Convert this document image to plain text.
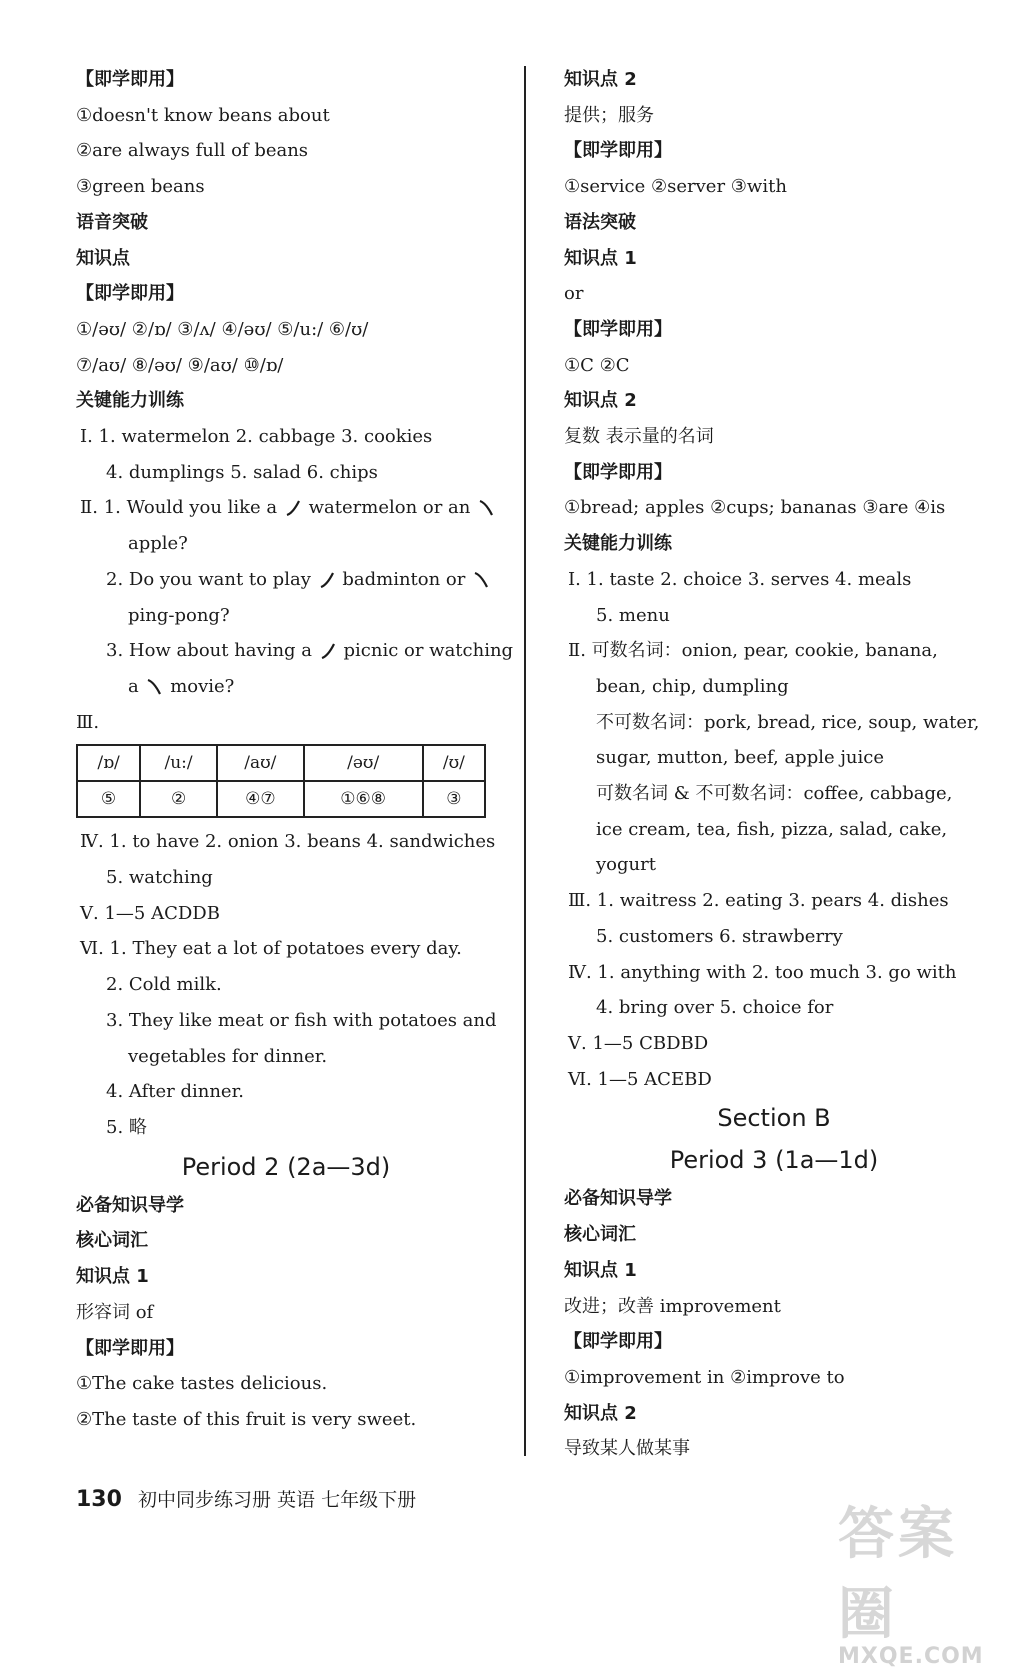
【即学即用】
①doesn't know beans about
②are always full of beans
③green beans
语音突破
知识点
【即学即用】
①/əʊ/ ②/ɒ/ ③/ʌ/ ④/əʊ/ ⑤/u:/ ⑥/ʊ/
⑦/aʊ/ ⑧/əʊ/ ⑨/aʊ/ ⑩/ɒ/
关键能力训练
Ⅰ. 1. watermelon 2. cabbage 3. cookies
4. dumplings 5. salad 6. chips
Ⅱ. 1. Would you like a watermelon or an
apple?
2. Do you want to play badminton or
ping-pong?
3. How about having a picnic or watching
a movie?
Ⅲ.
/ɒ/	/u:/	/aʊ/	/əʊ/	/ʊ/
⑤	②	④⑦	①⑥⑧	③
Ⅳ. 1. to have 2. onion 3. beans 4. sandwiches
5. watching
Ⅴ. 1—5 ACDDB
Ⅵ. 1. They eat a lot of potatoes every day.
2. Cold milk.
3. They like meat or fish with potatoes and
vegetables for dinner.
4. After dinner.
5. 略
Period 2 (2a—3d)
必备知识导学
核心词汇
知识点 1
形容词 of
【即学即用】
①The cake tastes delicious.
②The taste of this fruit is very sweet.
知识点 2
提供；服务
【即学即用】
①service ②server ③with
语法突破
知识点 1
or
【即学即用】
①C ②C
知识点 2
复数 表示量的名词
【即学即用】
①bread; apples ②cups; bananas ③are ④is
关键能力训练
Ⅰ. 1. taste 2. choice 3. serves 4. meals
5. menu
Ⅱ. 可数名词：onion, pear, cookie, banana,
bean, chip, dumpling
不可数名词：pork, bread, rice, soup, water,
sugar, mutton, beef, apple juice
可数名词 & 不可数名词：coffee, cabbage,
ice cream, tea, fish, pizza, salad, cake,
yogurt
Ⅲ. 1. waitress 2. eating 3. pears 4. dishes
5. customers 6. strawberry
Ⅳ. 1. anything with 2. too much 3. go with
4. bring over 5. choice for
Ⅴ. 1—5 CBDBD
Ⅵ. 1—5 ACEBD
Section B
Period 3 (1a—1d)
必备知识导学
核心词汇
知识点 1
改进；改善 improvement
【即学即用】
①improvement in ②improve to
知识点 2
导致某人做某事
130 初中同步练习册 英语 七年级下册
答案圈
MXQE.COM
